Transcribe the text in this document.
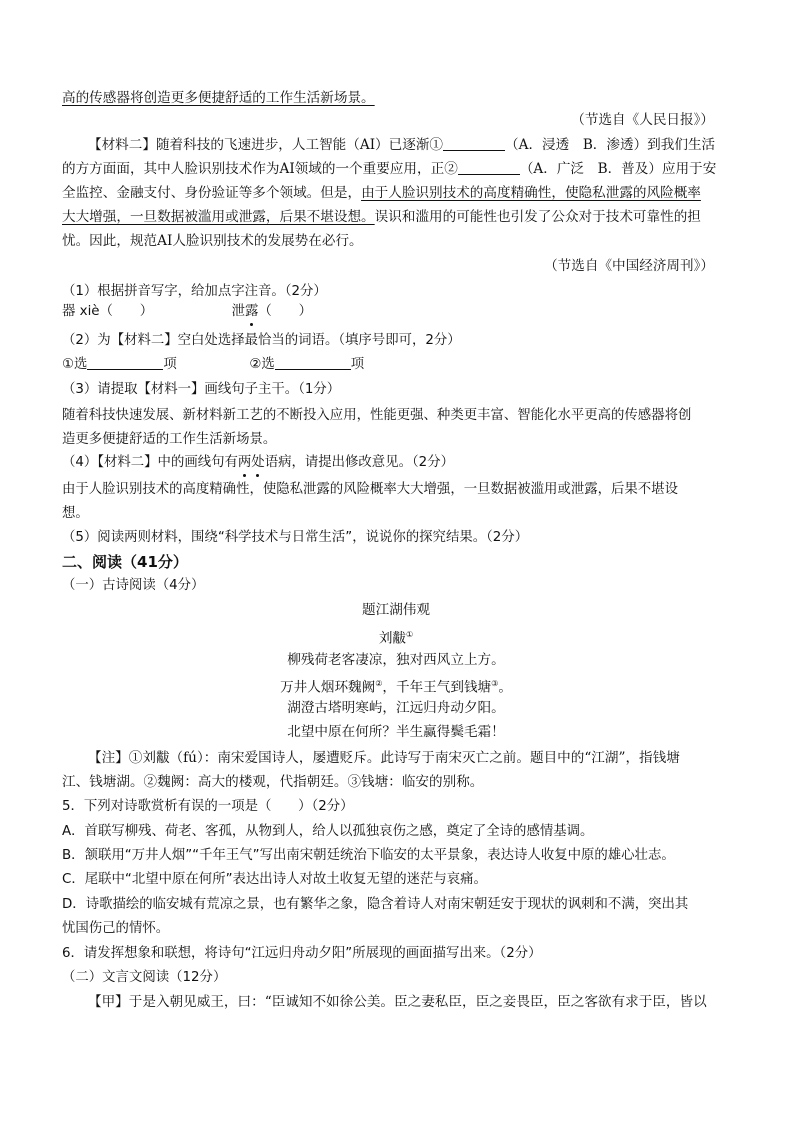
高的传感器将创造更多便捷舒适的工作生活新场景。
（节选自《人民日报》）
【材料二】随着科技的飞速进步，人工智能（AI）已逐渐①	（A．浸透　B．渗透）到我们生活
的方方面面，其中人脸识别技术作为AI领域的一个重要应用，正②	（A．广泛　B．普及）应用于安
全监控、金融支付、身份验证等多个领域。但是，由于人脸识别技术的高度精确性，使隐私泄露的风险概率
大大增强，一旦数据被滥用或泄露，后果不堪设想。误识和滥用的可能性也引发了公众对于技术可靠性的担
忧。因此，规范AI人脸识别技术的发展势在必行。
（节选自《中国经济周刊》）
（1）根据拼音写字，给加点字注音。（2分）
器 xiè（　　）	泄露（　　）
（2）为【材料二】空白处选择最恰当的词语。（填序号即可，2分）
①选	项	②选	项
（3）请提取【材料一】画线句子主干。（1分）
随着科技快速发展、新材料新工艺的不断投入应用，性能更强、种类更丰富、智能化水平更高的传感器将创
造更多便捷舒适的工作生活新场景。
（4）【材料二】中的画线句有两处语病，请提出修改意见。（2分）
由于人脸识别技术的高度精确性，使隐私泄露的风险概率大大增强，一旦数据被滥用或泄露，后果不堪设
想。
（5）阅读两则材料，围绕“科学技术与日常生活”，说说你的探究结果。（2分）
二、阅读（41分）
（一）古诗阅读（4分）
题江湖伟观
刘黻①
柳残荷老客凄凉，独对西风立上方。
万井人烟环魏阙②，千年王气到钱塘③。
湖澄古塔明寒屿，江远归舟动夕阳。
北望中原在何所？半生赢得鬓毛霜！
【注】①刘黻（fú）：南宋爱国诗人，屡遭贬斥。此诗写于南宋灭亡之前。题目中的“江湖”，指钱塘
江、钱塘湖。②魏阙：高大的楼观，代指朝廷。③钱塘：临安的别称。
5．下列对诗歌赏析有误的一项是（　　）（2分）
A．首联写柳残、荷老、客孤，从物到人，给人以孤独哀伤之感，奠定了全诗的感情基调。
B．颔联用“万井人烟”“千年王气”写出南宋朝廷统治下临安的太平景象，表达诗人收复中原的雄心壮志。
C．尾联中“北望中原在何所”表达出诗人对故土收复无望的迷茫与哀痛。
D．诗歌描绘的临安城有荒凉之景，也有繁华之象，隐含着诗人对南宋朝廷安于现状的讽刺和不满，突出其
忧国伤己的情怀。
6．请发挥想象和联想，将诗句“江远归舟动夕阳”所展现的画面描写出来。（2分）
（二）文言文阅读（12分）
【甲】于是入朝见威王，曰：“臣诚知不如徐公美。臣之妻私臣，臣之妾畏臣，臣之客欲有求于臣，皆以
